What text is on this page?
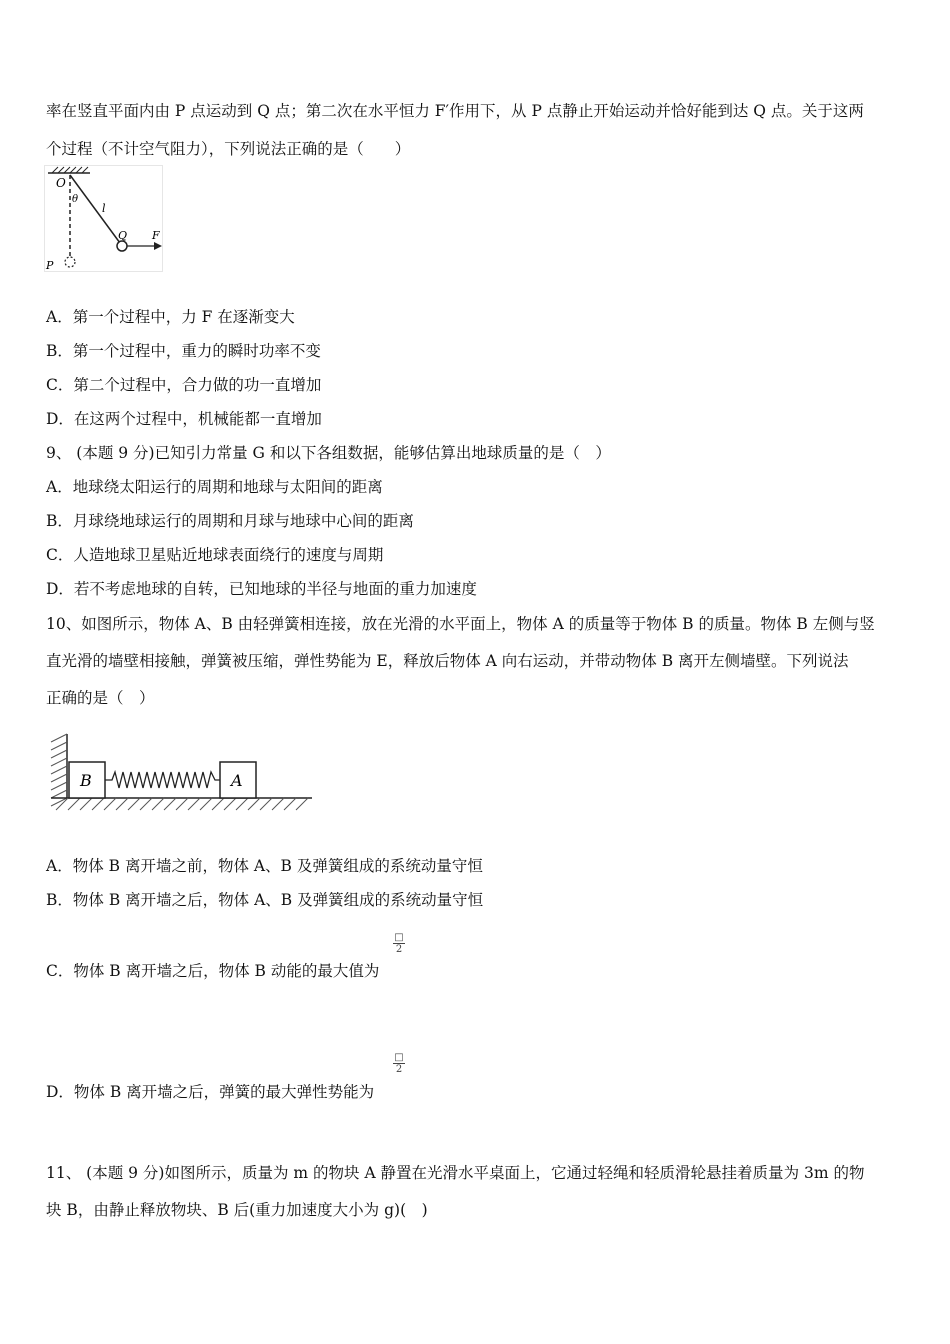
率在竖直平面内由 P 点运动到 Q 点；第二次在水平恒力 F′作用下，从 P 点静止开始运动并恰好能到达 Q 点。关于这两
个过程（不计空气阻力），下列说法正确的是（　　）
O
θ
l
Q F
P
A．第一个过程中，力 F 在逐渐变大
B．第一个过程中，重力的瞬时功率不变
C．第二个过程中，合力做的功一直增加
D．在这两个过程中，机械能都一直增加
9、 (本题 9 分)已知引力常量 G 和以下各组数据，能够估算出地球质量的是（　）
A．地球绕太阳运行的周期和地球与太阳间的距离
B．月球绕地球运行的周期和月球与地球中心间的距离
C．人造地球卫星贴近地球表面绕行的速度与周期
D．若不考虑地球的自转，已知地球的半径与地面的重力加速度
10、如图所示，物体 A、B 由轻弹簧相连接，放在光滑的水平面上，物体 A 的质量等于物体 B 的质量。物体 B 左侧与竖
直光滑的墙壁相接触，弹簧被压缩，弹性势能为 E，释放后物体 A 向右运动，并带动物体 B 离开左侧墙壁。下列说法
正确的是（　）
B	A
A．物体 B 离开墙之前，物体 A、B 及弹簧组成的系统动量守恒
B．物体 B 离开墙之后，物体 A、B 及弹簧组成的系统动量守恒
□
2
C．物体 B 离开墙之后，物体 B 动能的最大值为
□
2
D．物体 B 离开墙之后，弹簧的最大弹性势能为
11、 (本题 9 分)如图所示，质量为 m 的物块 A 静置在光滑水平桌面上，它通过轻绳和轻质滑轮悬挂着质量为 3m 的物
块 B，由静止释放物块、B 后(重力加速度大小为 g)(　)
